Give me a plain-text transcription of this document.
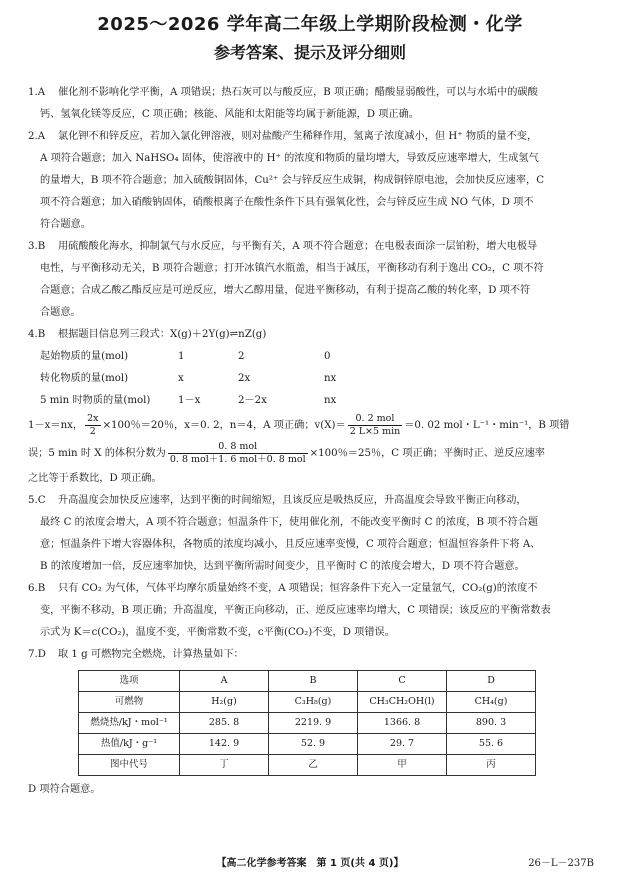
2025～2026 学年高二年级上学期阶段检测・化学
参考答案、提示及评分细则
1.A 催化剂不影响化学平衡，A 项错误；热石灰可以与酸反应，B 项正确；醋酸显弱酸性，可以与水垢中的碳酸
钙、氢氧化镁等反应，C 项正确；核能、风能和太阳能等均属于新能源，D 项正确。
2.A 氯化钾不和锌反应，若加入氯化钾溶液，则对盐酸产生稀释作用，氢离子浓度减小，但 H⁺ 物质的量不变，
A 项符合题意；加入 NaHSO₄ 固体，使溶液中的 H⁺ 的浓度和物质的量均增大，导致反应速率增大，生成氢气
的量增大，B 项不符合题意；加入硫酸铜固体，Cu²⁺ 会与锌反应生成铜，构成铜锌原电池，会加快反应速率，C
项不符合题意；加入硝酸钠固体，硝酸根离子在酸性条件下具有强氧化性，会与锌反应生成 NO 气体，D 项不
符合题意。
3.B 用硫酸酸化海水，抑制氯气与水反应，与平衡有关，A 项不符合题意；在电极表面涂一层铂粉，增大电极导
电性，与平衡移动无关，B 项符合题意；打开冰镇汽水瓶盖，相当于减压，平衡移动有利于逸出 CO₂，C 项不符
合题意；合成乙酸乙酯反应是可逆反应，增大乙醇用量，促进平衡移动，有利于提高乙酸的转化率，D 项不符
合题意。
4.B 根据题目信息列三段式：X(g)＋2Y(g)⇌nZ(g)
起始物质的量(mol)	1	2	0
转化物质的量(mol)	x	2x	nx
5 min 时物质的量(mol)	1－x	2－2x	nx
1－x＝nx， $\frac{2x}{2} \times 100$％＝20％，x＝0. 2，n＝4，A 项正确；$v(X)= \frac{\text{0. 2 mol}}{2 L\times 5 \min} =0$. 02 mol・L⁻¹・min⁻¹，B 项错
误；5 min 时 X 的体积分数为 $\frac{\text{0. 8 mol}}{\text{0. 8 mol＋1. 6 mol＋0. 8 mol}} \times 100$％＝25％，C 项正确；平衡时正、逆反应速率
之比等于系数比，D 项正确。
5.C 升高温度会加快反应速率，达到平衡的时间缩短，且该反应是吸热反应，升高温度会导致平衡正向移动，
最终 C 的浓度会增大，A 项不符合题意；恒温条件下，使用催化剂，不能改变平衡时 C 的浓度，B 项不符合题
意；恒温条件下增大容器体积，各物质的浓度均减小，且反应速率变慢，C 项符合题意；恒温恒容条件下将 A、
B 的浓度增加一倍，反应速率加快，达到平衡所需时间变少，且平衡时 C 的浓度会增大，D 项不符合题意。
6.B 只有 CO₂ 为气体，气体平均摩尔质量始终不变，A 项错误；恒容条件下充入一定量氩气，CO₂(g)的浓度不
变，平衡不移动，B 项正确；升高温度，平衡正向移动，正、逆反应速率均增大，C 项错误；该反应的平衡常数表
示式为 K＝c(CO₂)，温度不变，平衡常数不变，c平衡(CO₂)不变，D 项错误。
7.D 取 1 g 可燃物完全燃烧，计算热量如下：
选项	A	B	C	D
可燃物	H₂(g)	C₃H₈(g)	CH₃CH₂OH(l)	CH₄(g)
燃烧热/kJ・mol⁻¹	285. 8	2219. 9	1366. 8	890. 3
热值/kJ・g⁻¹	142. 9	52. 9	29. 7	55. 6
图中代号	丁	乙	甲	丙
D 项符合题意。
【高二化学参考答案　第 1 页(共 4 页)】	26－L－237B
